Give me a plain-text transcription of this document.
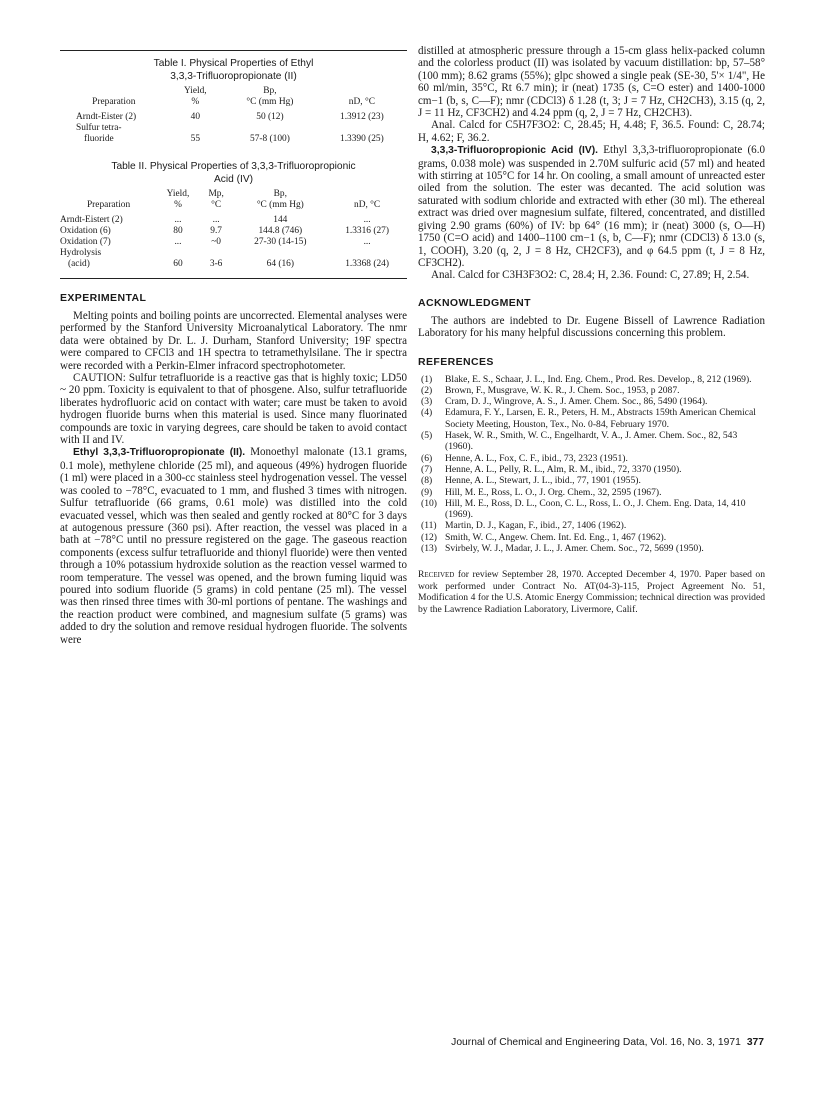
Table I. Physical Properties of Ethyl
3,3,3-Trifluoropropionate (II)
	Yield,	Bp,	
Preparation	%	°C (mm Hg)	nD, °C
Arndt-Eister (2)	40	50 (12)	1.3912 (23)
Sulfur tetra-			
fluoride	55	57-8 (100)	1.3390 (25)
Table II. Physical Properties of 3,3,3-Trifluoropropionic
Acid (IV)
	Yield,	Mp,	Bp,	
Preparation	%	°C	°C (mm Hg)	nD, °C
Arndt-Eistert (2)	...	...	144	...
Oxidation (6)	80	9.7	144.8 (746)	1.3316 (27)
Oxidation (7)	...	~0	27-30 (14-15)	...
Hydrolysis				
(acid)	60	3-6	64 (16)	1.3368 (24)
EXPERIMENTAL

Melting points and boiling points are uncorrected. Elemental analyses were performed by the Stanford University Microanalytical Laboratory. The nmr data were obtained by Dr. L. J. Durham, Stanford University; 19F spectra were compared to CFCl3 and 1H spectra to tetramethylsilane. The ir spectra were recorded with a Perkin-Elmer infracord spectrophotometer.

CAUTION: Sulfur tetrafluoride is a reactive gas that is highly toxic; LD50 ~ 20 ppm. Toxicity is equivalent to that of phosgene. Also, sulfur tetrafluoride liberates hydrofluoric acid on contact with water; care must be taken to avoid hydrogen fluoride burns when this material is used. Since many fluorinated compounds are toxic in varying degrees, care should be taken to avoid contact with II and IV.

Ethyl 3,3,3-Trifluoropropionate (II). Monoethyl malonate (13.1 grams, 0.1 mole), methylene chloride (25 ml), and aqueous (49%) hydrogen fluoride (1 ml) were placed in a 300-cc stainless steel hydrogenation vessel. The vessel was cooled to −78°C, evacuated to 1 mm, and flushed 3 times with nitrogen. Sulfur tetrafluoride (66 grams, 0.61 mole) was distilled into the cold evacuated vessel, which was then sealed and gently rocked at 80°C for 3 days at autogenous pressure (360 psi). After reaction, the vessel was placed in a bath at −78°C until no pressure registered on the gage. The gaseous reaction components (excess sulfur tetrafluoride and thionyl fluoride) were then vented through a 10% potassium hydroxide solution as the reaction vessel warmed to room temperature. The vessel was opened, and the brown fuming liquid was poured into sodium fluoride (5 grams) in cold pentane (25 ml). The vessel was then rinsed three times with 30-ml portions of pentane. The washings and the reaction product were combined, and magnesium sulfate (5 grams) was added to dry the solution and remove residual hydrogen fluoride. The solvents were

distilled at atmospheric pressure through a 15-cm glass helix-packed column and the colorless product (II) was isolated by vacuum distillation: bp, 57–58° (100 mm); 8.62 grams (55%); glpc showed a single peak (SE-30, 5'× 1/4", He 60 ml/min, 35°C, Rt 6.7 min); ir (neat) 1735 (s, C=O ester) and 1400-1000 cm−1 (b, s, C—F); nmr (CDCl3) δ 1.28 (t, 3; J = 7 Hz, CH2CH3), 3.15 (q, 2, J = 11 Hz, CF3CH2) and 4.24 ppm (q, 2, J = 7 Hz, CH2CH3).

Anal. Calcd for C5H7F3O2: C, 28.45; H, 4.48; F, 36.5. Found: C, 28.74; H, 4.62; F, 36.2.

3,3,3-Trifluoropropionic Acid (IV). Ethyl 3,3,3-trifluoropropionate (6.0 grams, 0.038 mole) was suspended in 2.70M sulfuric acid (57 ml) and heated with stirring at 105°C for 14 hr. On cooling, a small amount of unreacted ester oiled from the solution. The ester was decanted. The acid solution was saturated with sodium chloride and extracted with ether (30 ml). The ethereal extract was dried over magnesium sulfate, filtered, concentrated, and distilled giving 2.90 grams (60%) of IV: bp 64° (16 mm); ir (neat) 3000 (s, O—H) 1750 (C=O acid) and 1400–1100 cm−1 (s, b, C—F); nmr (CDCl3) δ 13.0 (s, 1, COOH), 3.20 (q, 2, J = 8 Hz, CH2CF3), and φ 64.5 ppm (t, J = 8 Hz, CF3CH2).

Anal. Calcd for C3H3F3O2: C, 28.4; H, 2.36. Found: C, 27.89; H, 2.54.

ACKNOWLEDGMENT

The authors are indebted to Dr. Eugene Bissell of Lawrence Radiation Laboratory for his many helpful discussions concerning this problem.

REFERENCES
(1)	Blake, E. S., Schaar, J. L., Ind. Eng. Chem., Prod. Res. Develop., 8, 212 (1969).
(2)	Brown, F., Musgrave, W. K. R., J. Chem. Soc., 1953, p 2087.
(3)	Cram, D. J., Wingrove, A. S., J. Amer. Chem. Soc., 86, 5490 (1964).
(4)	Edamura, F. Y., Larsen, E. R., Peters, H. M., Abstracts 159th American Chemical Society Meeting, Houston, Tex., No. 0-84, February 1970.
(5)	Hasek, W. R., Smith, W. C., Engelhardt, V. A., J. Amer. Chem. Soc., 82, 543 (1960).
(6)	Henne, A. L., Fox, C. F., ibid., 73, 2323 (1951).
(7)	Henne, A. L., Pelly, R. L., Alm, R. M., ibid., 72, 3370 (1950).
(8)	Henne, A. L., Stewart, J. L., ibid., 77, 1901 (1955).
(9)	Hill, M. E., Ross, L. O., J. Org. Chem., 32, 2595 (1967).
(10) Hill, M. E., Ross, D. L., Coon, C. L., Ross, L. O., J. Chem. Eng. Data, 14, 410 (1969).
(11) Martin, D. J., Kagan, F., ibid., 27, 1406 (1962).
(12) Smith, W. C., Angew. Chem. Int. Ed. Eng., 1, 467 (1962).
(13) Svirbely, W. J., Madar, J. L., J. Amer. Chem. Soc., 72, 5699 (1950).

Received for review September 28, 1970. Accepted December 4, 1970. Paper based on work performed under Contract No. AT(04-3)-115, Project Agreement No. 51, Modification 4 for the U.S. Atomic Energy Commission; technical direction was provided by the Lawrence Radiation Laboratory, Livermore, Calif.

Journal of Chemical and Engineering Data, Vol. 16, No. 3, 1971 377
